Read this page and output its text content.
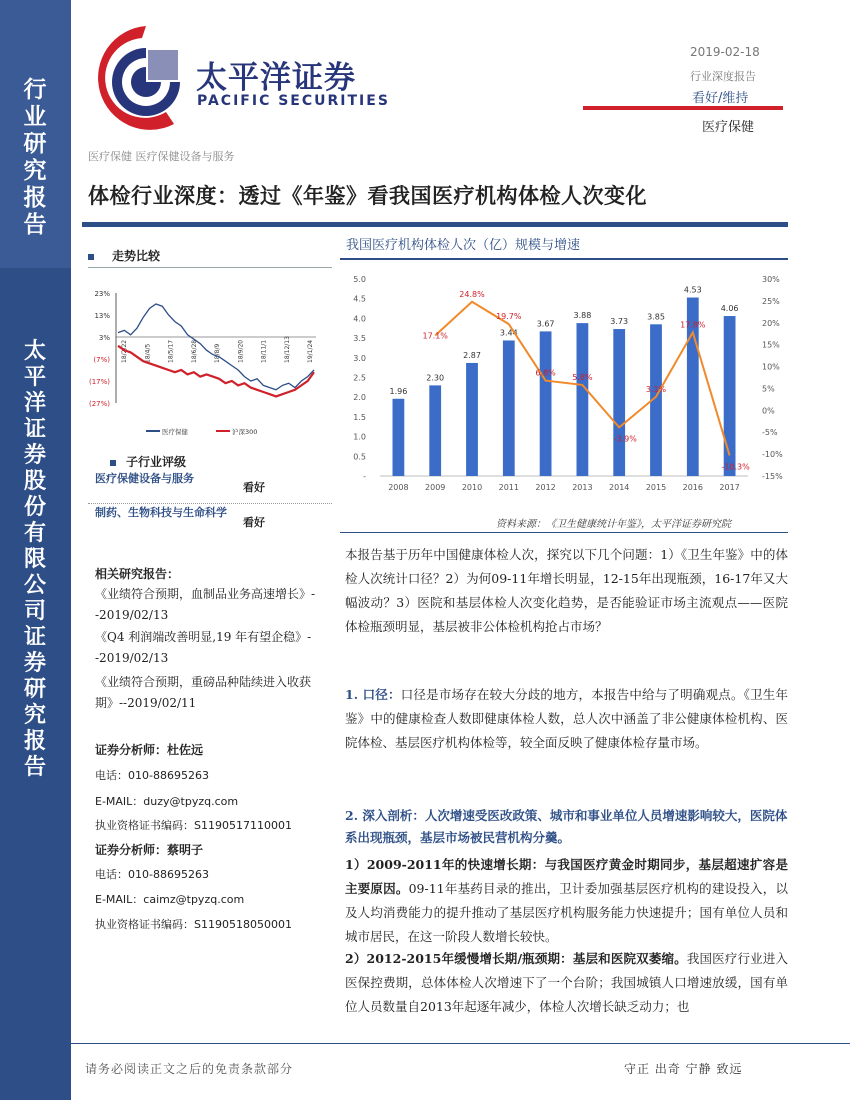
行
业
研
究
报
告
太
平
洋
证
券
股
份
有
限
公
司
证
券
研
究
报
告
太平洋证券
PACIFIC SECURITIES
2019-02-18
行业深度报告
看好/维持
医疗保健
医疗保健 医疗保健设备与服务
体检行业深度：透过《年鉴》看我国医疗机构体检人次变化
走势比较
23%
13%
3%
(7%)
(17%)
(27%)
18/2/22	18/4/5	18/5/17	18/6/28	18/8/9	18/9/20	18/11/1	18/12/13	19/1/24
医疗保健	沪深300
子行业评级
医疗保健设备与服务
看好
制药、生物科技与生命科学
看好
相关研究报告：
《业绩符合预期，血制品业务高速增长》--2019/02/13
《Q4 利润端改善明显,19 年有望企稳》--2019/02/13
《业绩符合预期，重磅品种陆续进入收获期》--2019/02/11
证券分析师：杜佐远
电话：010-88695263
E-MAIL：duzy@tpyzq.com
执业资格证书编码：S1190517110001
证券分析师：蔡明子
电话：010-88695263
E-MAIL：caimz@tpyzq.com
执业资格证书编码：S1190518050001
我国医疗机构体检人次（亿）规模与增速
-
0.5
1.0
1.5
2.0
2.5
3.0
3.5
4.0
4.5
5.0
-15%
-10%
-5%
0%
5%
10%
15%
20%
25%
30%
1.96
2008
2.30
2009
2.87
2010
3.44
2011
3.67
2012
3.88
2013
3.73
2014
3.85
2015
4.53
2016
4.06
2017
17.1%
24.8%
19.7%
6.8% 5.8%
-3.9%
3.1%
17.8%
-10.3%
资料来源：《卫生健康统计年鉴》，太平洋证券研究院
本报告基于历年中国健康体检人次，探究以下几个问题：1）《卫生年鉴》中的体检人次统计口径？2）为何09-11年增长明显，12-15年出现瓶颈，16-17年又大幅波动？3）医院和基层体检人次变化趋势，是否能验证市场主流观点——医院体检瓶颈明显，基层被非公体检机构抢占市场？
1. 口径：口径是市场存在较大分歧的地方，本报告中给与了明确观点。《卫生年鉴》中的健康检查人数即健康体检人数，总人次中涵盖了非公健康体检机构、医院体检、基层医疗机构体检等，较全面反映了健康体检存量市场。
2. 深入剖析：人次增速受医改政策、城市和事业单位人员增速影响较大，医院体系出现瓶颈，基层市场被民营机构分羹。
1）2009-2011年的快速增长期：与我国医疗黄金时期同步，基层超速扩容是主要原因。09-11年基药目录的推出，卫计委加强基层医疗机构的建设投入，以及人均消费能力的提升推动了基层医疗机构服务能力快速提升；国有单位人员和城市居民，在这一阶段人数增长较快。
2）2012-2015年缓慢增长期/瓶颈期：基层和医院双萎缩。我国医疗行业进入医保控费期，总体体检人次增速下了一个台阶；我国城镇人口增速放缓，国有单位人员数量自2013年起逐年减少，体检人次增长缺乏动力；也
请务必阅读正文之后的免责条款部分	守正 出奇 宁静 致远
